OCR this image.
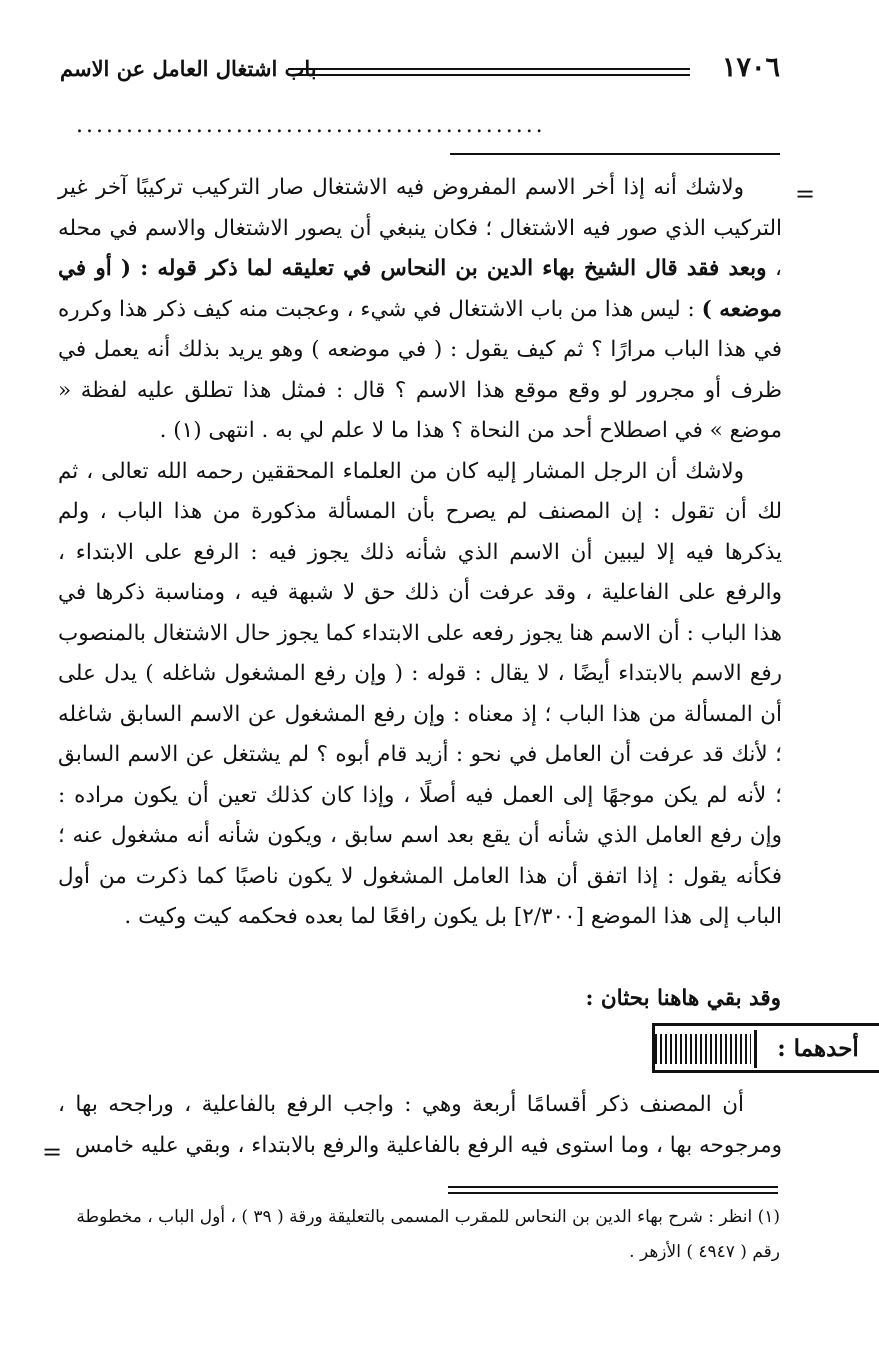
١٧٠٦
باب اشتغال العامل عن الاسم
...............................................
=

ولاشك أنه إذا أخر الاسم المفروض فيه الاشتغال صار التركيب تركيبًا آخر غير التركيب الذي صور فيه الاشتغال ؛ فكان ينبغي أن يصور الاشتغال والاسم في محله ، وبعد فقد قال الشيخ بهاء الدين بن النحاس في تعليقه لما ذكر قوله : ( أو في موضعه ) : ليس هذا من باب الاشتغال في شيء ، وعجبت منه كيف ذكر هذا وكرره في هذا الباب مرارًا ؟ ثم كيف يقول : ( في موضعه ) وهو يريد بذلك أنه يعمل في ظرف أو مجرور لو وقع موقع هذا الاسم ؟ قال : فمثل هذا تطلق عليه لفظة « موضع » في اصطلاح أحد من النحاة ؟ هذا ما لا علم لي به . انتهى (١) .

ولاشك أن الرجل المشار إليه كان من العلماء المحققين رحمه الله تعالى ، ثم لك أن تقول : إن المصنف لم يصرح بأن المسألة مذكورة من هذا الباب ، ولم يذكرها فيه إلا ليبين أن الاسم الذي شأنه ذلك يجوز فيه : الرفع على الابتداء ، والرفع على الفاعلية ، وقد عرفت أن ذلك حق لا شبهة فيه ، ومناسبة ذكرها في هذا الباب : أن الاسم هنا يجوز رفعه على الابتداء كما يجوز حال الاشتغال بالمنصوب رفع الاسم بالابتداء أيضًا ، لا يقال : قوله : ( وإن رفع المشغول شاغله ) يدل على أن المسألة من هذا الباب ؛ إذ معناه : وإن رفع المشغول عن الاسم السابق شاغله ؛ لأنك قد عرفت أن العامل في نحو : أزيد قام أبوه ؟ لم يشتغل عن الاسم السابق ؛ لأنه لم يكن موجهًا إلى العمل فيه أصلًا ، وإذا كان كذلك تعين أن يكون مراده : وإن رفع العامل الذي شأنه أن يقع بعد اسم سابق ، ويكون شأنه أنه مشغول عنه ؛ فكأنه يقول : إذا اتفق أن هذا العامل المشغول لا يكون ناصبًا كما ذكرت من أول الباب إلى هذا الموضع [٢/٣٠٠] بل يكون رافعًا لما بعده فحكمه كيت وكيت .

وقد بقي هاهنا بحثان :
أحدهما :

أن المصنف ذكر أقسامًا أربعة وهي : واجب الرفع بالفاعلية ، وراجحه بها ، ومرجوحه بها ، وما استوى فيه الرفع بالفاعلية والرفع بالابتداء ، وبقي عليه خامس

=

(١) انظر : شرح بهاء الدين بن النحاس للمقرب المسمى بالتعليقة ورقة ( ٣٩ ) ، أول الباب ، مخطوطة

رقم ( ٤٩٤٧ ) الأزهر .
